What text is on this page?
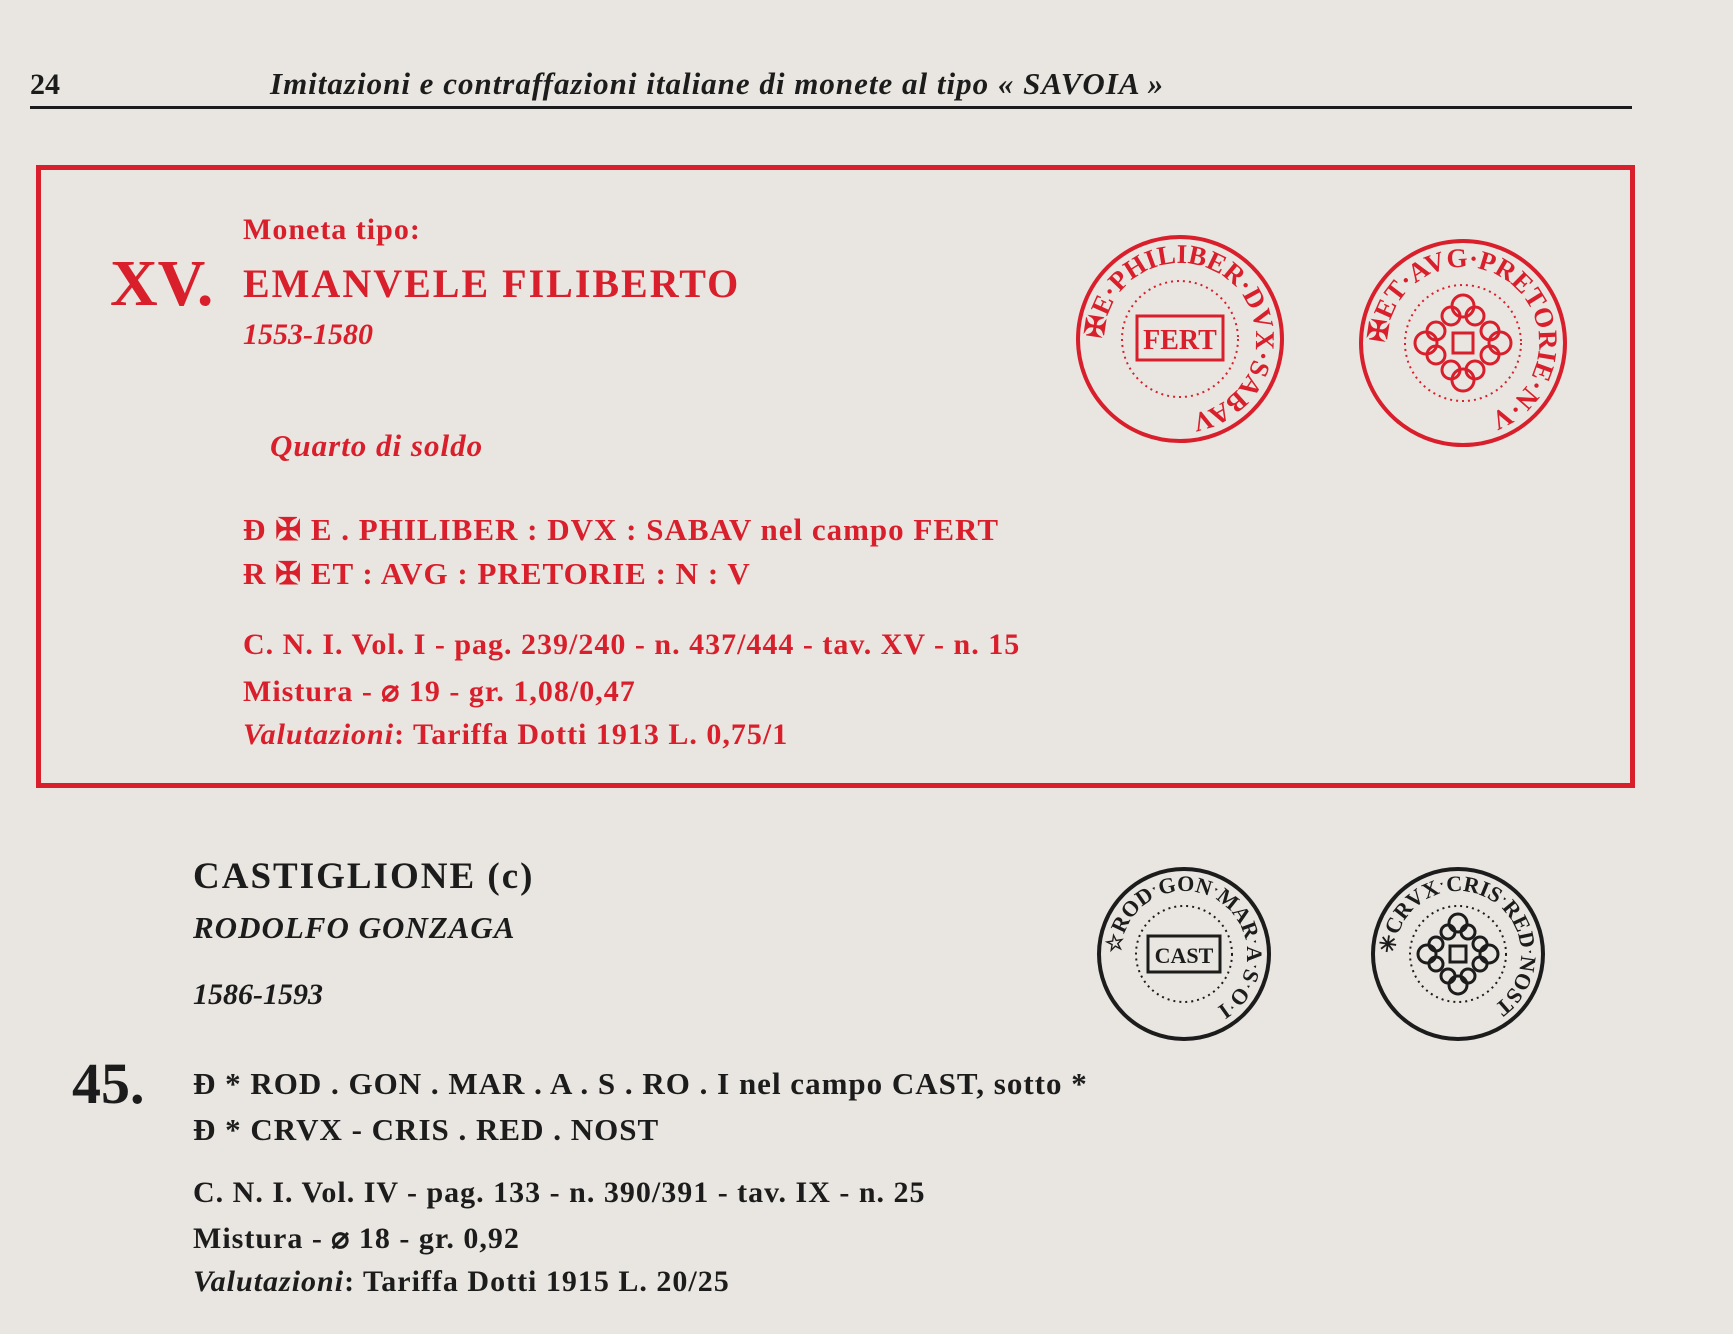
24	Imitazioni e contraffazioni italiane di monete al tipo « SAVOIA »
XV.
Moneta tipo:
EMANVELE FILIBERTO
1553-1580
Quarto di soldo
Đ ✠ E . PHILIBER : DVX : SABAV nel campo FERT
Ɍ ✠ ET : AVG : PRETORIE : N : V
C. N. I. Vol. I - pag. 239/240 - n. 437/444 - tav. XV - n. 15
Mistura - ⌀ 19 - gr. 1,08/0,47
Valutazioni: Tariffa Dotti 1913 L. 0,75/1
✠E·PHILIBER·DVX·SABAV
FERT	✠ET·AVG·PRETORIE·N·V
CASTIGLIONE (c)
RODOLFO GONZAGA
1586-1593
45. Đ * ROD . GON . MAR . A . S . RO . I nel campo CAST, sotto *
Đ * CRVX - CRIS . RED . NOST
C. N. I. Vol. IV - pag. 133 - n. 390/391 - tav. IX - n. 25
Mistura - ⌀ 18 - gr. 0,92
Valutazioni: Tariffa Dotti 1915 L. 20/25
☆RODˑGONˑMARˑAˑSˑOˑI
CAST	✳CRVXˑCRISˑREDˑNOST
